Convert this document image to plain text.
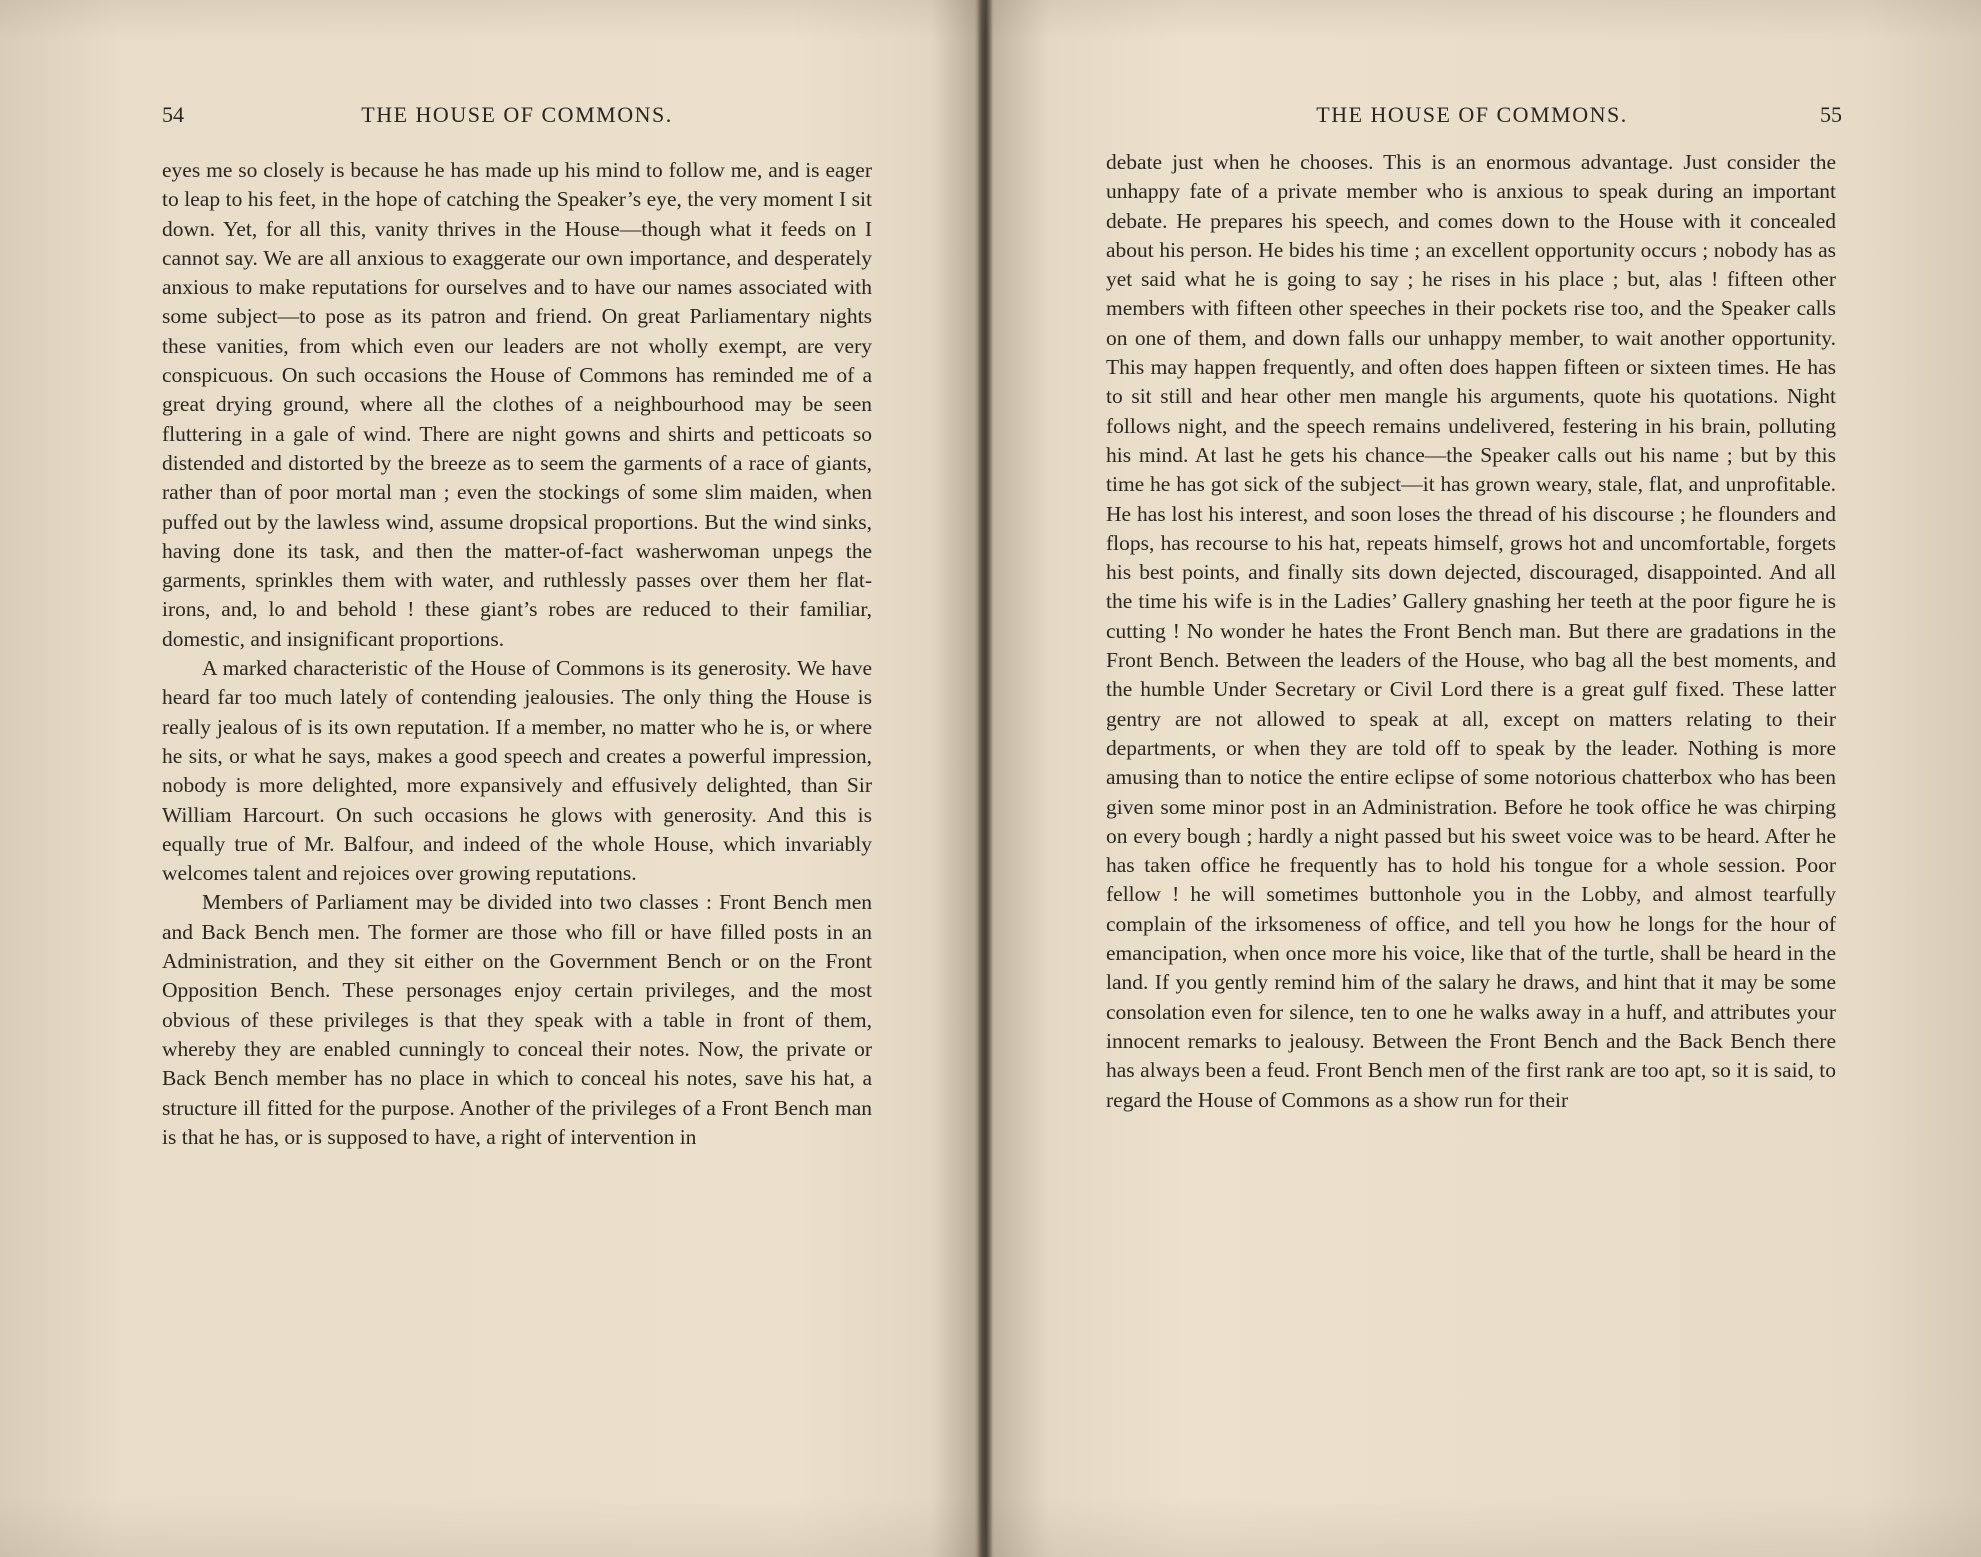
54	THE HOUSE OF COMMONS.

eyes me so closely is because he has made up his mind to follow me, and is eager to leap to his feet, in the hope of catching the Speaker’s eye, the very moment I sit down. Yet, for all this, vanity thrives in the House—though what it feeds on I cannot say. We are all anxious to exaggerate our own importance, and desperately anxious to make reputations for ourselves and to have our names associated with some subject—to pose as its patron and friend. On great Parliamentary nights these vanities, from which even our leaders are not wholly exempt, are very conspicuous. On such occasions the House of Commons has reminded me of a great drying ground, where all the clothes of a neighbourhood may be seen fluttering in a gale of wind. There are night gowns and shirts and petticoats so distended and distorted by the breeze as to seem the garments of a race of giants, rather than of poor mortal man ; even the stockings of some slim maiden, when puffed out by the lawless wind, assume dropsical proportions. But the wind sinks, having done its task, and then the matter-of-fact washerwoman unpegs the garments, sprinkles them with water, and ruthlessly passes over them her flat-irons, and, lo and behold ! these giant’s robes are reduced to their familiar, domestic, and insignificant proportions.

A marked characteristic of the House of Commons is its generosity. We have heard far too much lately of contending jealousies. The only thing the House is really jealous of is its own reputation. If a member, no matter who he is, or where he sits, or what he says, makes a good speech and creates a powerful impression, nobody is more delighted, more expansively and effusively delighted, than Sir William Harcourt. On such occasions he glows with generosity. And this is equally true of Mr. Balfour, and indeed of the whole House, which invariably welcomes talent and rejoices over growing reputations.

Members of Parliament may be divided into two classes : Front Bench men and Back Bench men. The former are those who fill or have filled posts in an Administration, and they sit either on the Government Bench or on the Front Opposition Bench. These personages enjoy certain privileges, and the most obvious of these privileges is that they speak with a table in front of them, whereby they are enabled cunningly to conceal their notes. Now, the private or Back Bench member has no place in which to conceal his notes, save his hat, a structure ill fitted for the purpose. Another of the privileges of a Front Bench man is that he has, or is supposed to have, a right of intervention in

THE HOUSE OF COMMONS.	55

debate just when he chooses. This is an enormous advantage. Just consider the unhappy fate of a private member who is anxious to speak during an important debate. He prepares his speech, and comes down to the House with it concealed about his person. He bides his time ; an excellent opportunity occurs ; nobody has as yet said what he is going to say ; he rises in his place ; but, alas ! fifteen other members with fifteen other speeches in their pockets rise too, and the Speaker calls on one of them, and down falls our unhappy member, to wait another opportunity. This may happen frequently, and often does happen fifteen or sixteen times. He has to sit still and hear other men mangle his arguments, quote his quotations. Night follows night, and the speech remains undelivered, festering in his brain, polluting his mind. At last he gets his chance—the Speaker calls out his name ; but by this time he has got sick of the subject—it has grown weary, stale, flat, and unprofitable. He has lost his interest, and soon loses the thread of his discourse ; he flounders and flops, has recourse to his hat, repeats himself, grows hot and uncomfortable, forgets his best points, and finally sits down dejected, discouraged, disappointed. And all the time his wife is in the Ladies’ Gallery gnashing her teeth at the poor figure he is cutting ! No wonder he hates the Front Bench man. But there are gradations in the Front Bench. Between the leaders of the House, who bag all the best moments, and the humble Under Secretary or Civil Lord there is a great gulf fixed. These latter gentry are not allowed to speak at all, except on matters relating to their departments, or when they are told off to speak by the leader. Nothing is more amusing than to notice the entire eclipse of some notorious chatterbox who has been given some minor post in an Administration. Before he took office he was chirping on every bough ; hardly a night passed but his sweet voice was to be heard. After he has taken office he frequently has to hold his tongue for a whole session. Poor fellow ! he will sometimes buttonhole you in the Lobby, and almost tearfully complain of the irksomeness of office, and tell you how he longs for the hour of emancipation, when once more his voice, like that of the turtle, shall be heard in the land. If you gently remind him of the salary he draws, and hint that it may be some consolation even for silence, ten to one he walks away in a huff, and attributes your innocent remarks to jealousy. Between the Front Bench and the Back Bench there has always been a feud. Front Bench men of the first rank are too apt, so it is said, to regard the House of Commons as a show run for their
